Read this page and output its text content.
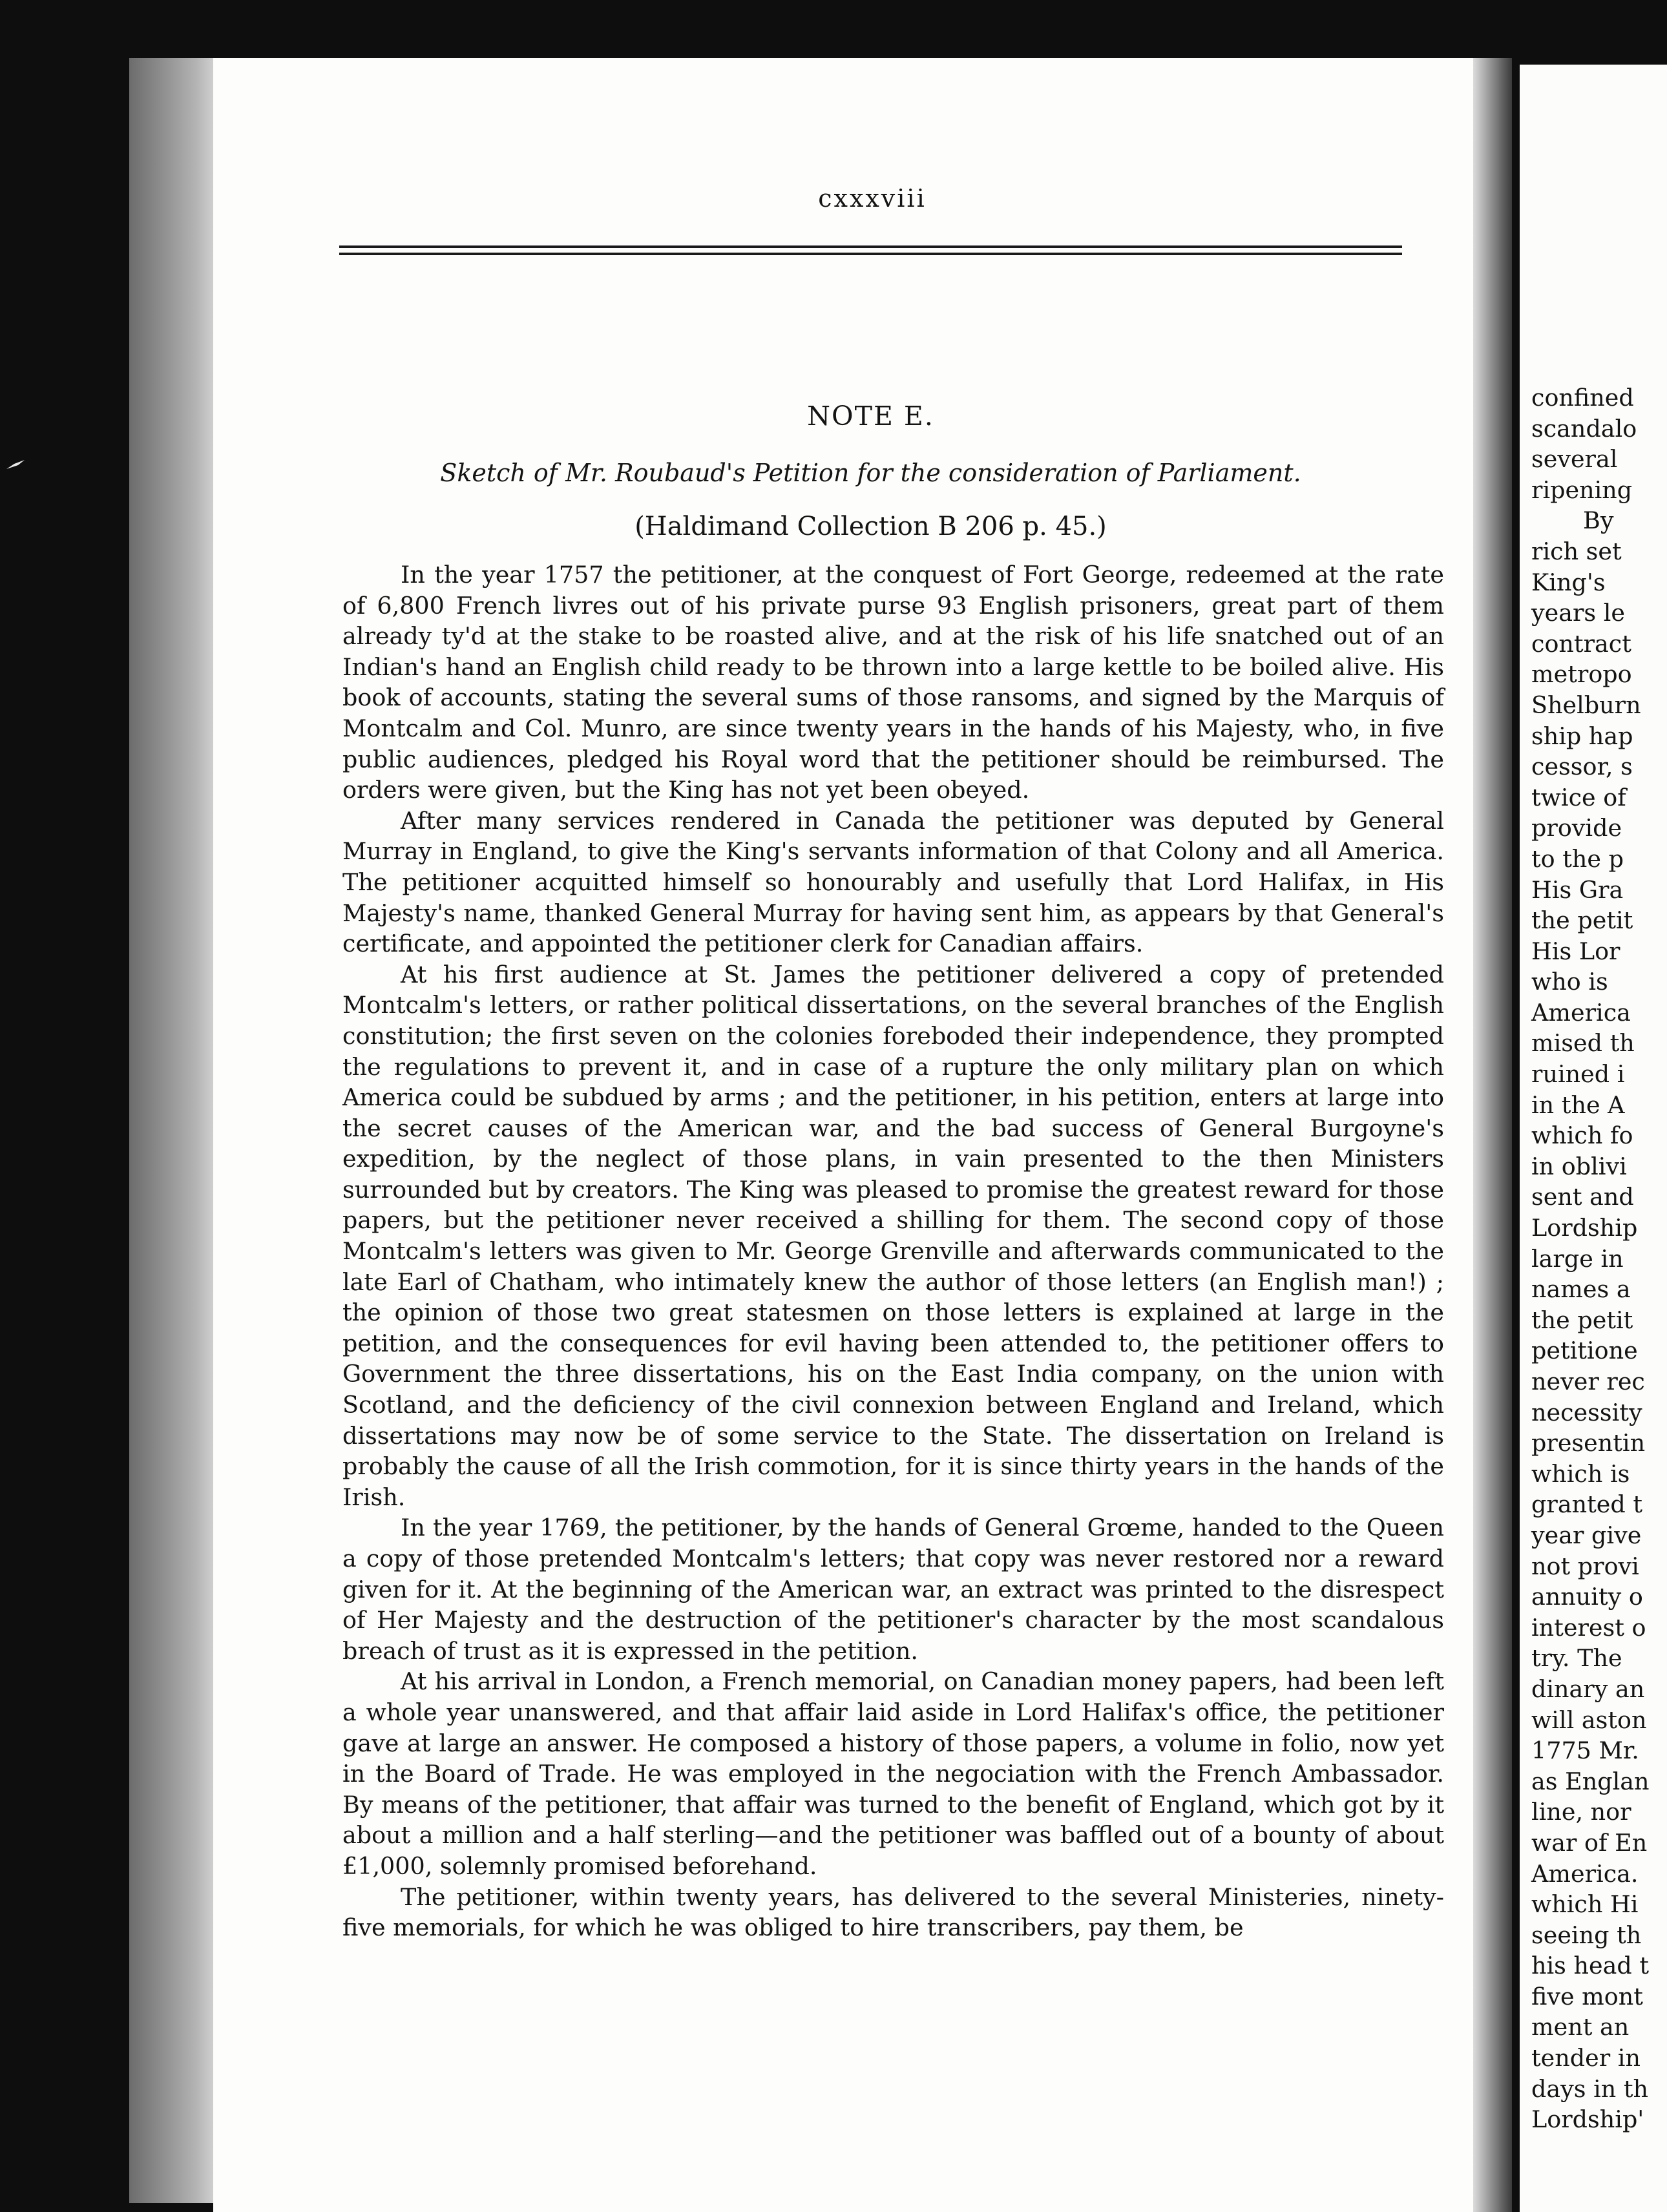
confined
scandalo
several
ripening
By
rich set
King's
years le
contract
metropo
Shelburn
ship hap
cessor, s
twice of
provide
to the p
His Gra
the petit
His Lor
who is
America
mised th
ruined i
in the A
which fo
in oblivi
sent and
Lordship
large in
names a
the petit
petitione
never rec
necessity
presentin
which is
granted t
year give
not provi
annuity o
interest o
try. The
dinary an
will aston
1775 Mr.
as Englan
line, nor
war of En
America.
which Hi
seeing th
his head t
five mont
ment an
tender in
days in th
Lordship'
cxxxviii
NOTE E.
Sketch of Mr. Roubaud's Petition for the consideration of Parliament.
(Haldimand Collection B 206 p. 45.)

In the year 1757 the petitioner, at the conquest of Fort George, redeemed at the rate of 6,800 French livres out of his private purse 93 English prisoners, great part of them already ty'd at the stake to be roasted alive, and at the risk of his life snatched out of an Indian's hand an English child ready to be thrown into a large kettle to be boiled alive. His book of accounts, stating the several sums of those ransoms, and signed by the Marquis of Montcalm and Col. Munro, are since twenty years in the hands of his Majesty, who, in five public audiences, pledged his Royal word that the petitioner should be reimbursed. The orders were given, but the King has not yet been obeyed.

After many services rendered in Canada the petitioner was deputed by General Murray in England, to give the King's servants information of that Colony and all America. The petitioner acquitted himself so honourably and usefully that Lord Halifax, in His Majesty's name, thanked General Murray for having sent him, as appears by that General's certificate, and appointed the petitioner clerk for Canadian affairs.

At his first audience at St. James the petitioner delivered a copy of pretended Montcalm's letters, or rather political dissertations, on the several branches of the English constitution; the first seven on the colonies foreboded their independence, they prompted the regulations to prevent it, and in case of a rupture the only military plan on which America could be subdued by arms ; and the petitioner, in his petition, enters at large into the secret causes of the American war, and the bad success of General Burgoyne's expedition, by the neglect of those plans, in vain presented to the then Ministers surrounded but by creators. The King was pleased to promise the greatest reward for those papers, but the petitioner never received a shilling for them. The second copy of those Montcalm's letters was given to Mr. George Grenville and afterwards communicated to the late Earl of Chatham, who intimately knew the author of those letters (an English man!) ; the opinion of those two great statesmen on those letters is explained at large in the petition, and the consequences for evil having been attended to, the petitioner offers to Government the three dissertations, his on the East India company, on the union with Scotland, and the deficiency of the civil connexion between England and Ireland, which dissertations may now be of some service to the State. The dissertation on Ireland is probably the cause of all the Irish commotion, for it is since thirty years in the hands of the Irish.

In the year 1769, the petitioner, by the hands of General Grœme, handed to the Queen a copy of those pretended Montcalm's letters; that copy was never restored nor a reward given for it. At the beginning of the American war, an extract was printed to the disrespect of Her Majesty and the destruction of the petitioner's character by the most scandalous breach of trust as it is expressed in the petition.

At his arrival in London, a French memorial, on Canadian money papers, had been left a whole year unanswered, and that affair laid aside in Lord Halifax's office, the petitioner gave at large an answer. He composed a history of those papers, a volume in folio, now yet in the Board of Trade. He was employed in the negociation with the French Ambassador. By means of the petitioner, that affair was turned to the benefit of England, which got by it about a million and a half sterling—and the petitioner was baffled out of a bounty of about £1,000, solemnly promised beforehand.

The petitioner, within twenty years, has delivered to the several Ministeries, ninety-five memorials, for which he was obliged to hire transcribers, pay them, be
